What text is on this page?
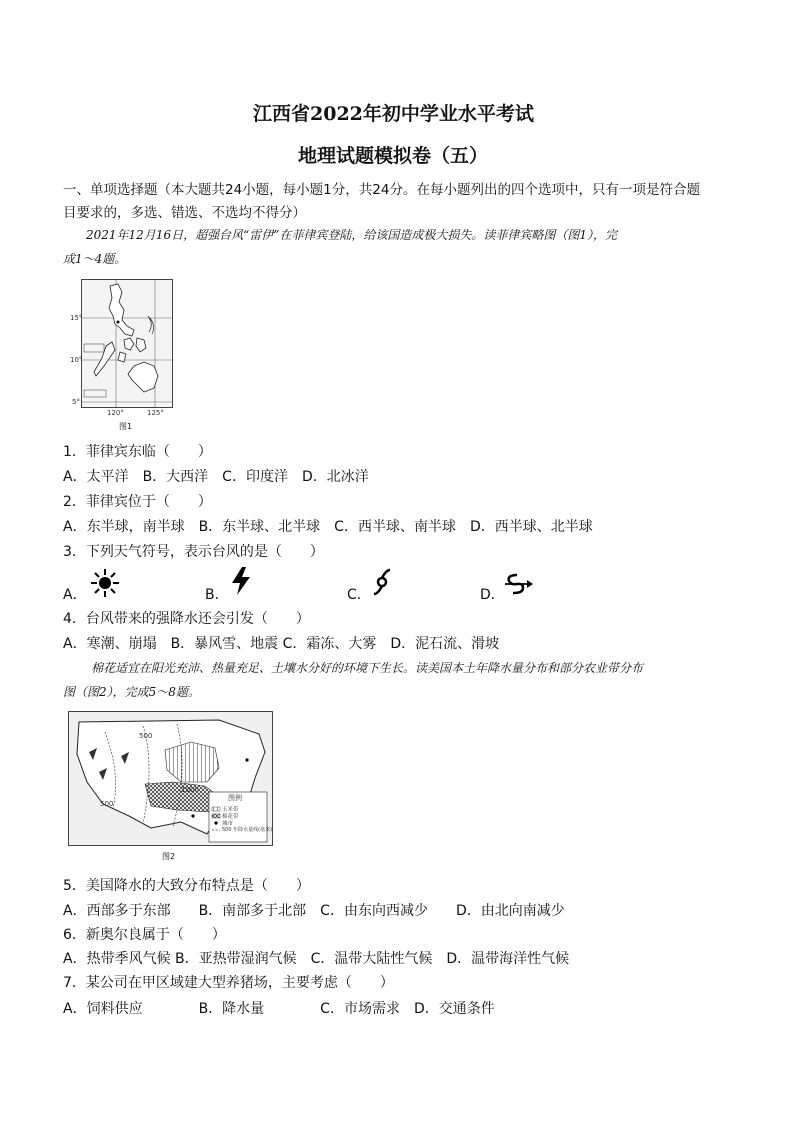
江西省2022年初中学业水平考试
地理试题模拟卷（五）
一、单项选择题（本大题共24小题，每小题1分，共24分。在每小题列出的四个选项中，只有一项是符合题
目要求的，多选、错选、不选均不得分）
2021年12月16日，超强台风“雷伊”在菲律宾登陆，给该国造成极大损失。读菲律宾略图（图1），完
成1～4题。
15°
10°
5°
120°	125°
图1
1．菲律宾东临（　　）
A．太平洋　B．大西洋　C．印度洋　D．北冰洋
2．菲律宾位于（　　）
A．东半球，南半球　B．东半球、北半球　C．西半球、南半球　D．西半球、北半球
3．下列天气符号，表示台风的是（　　）
A．	B．	C．	D．
4．台风带来的强降水还会引发（　　）
A．寒潮、崩塌　B．暴风雪、地震 C．霜冻、大雾　D．泥石流、滑坡
棉花适宜在阳光充沛、热量充足、土壤水分好的环境下生长。读美国本土年降水量分布和部分农业带分布
图（图2），完成5～8题。
500
500
1000
图例
玉米带
棉花带
城市
500 年降水量线(毫米)
图2
5．美国降水的大致分布特点是（　　）
A．西部多于东部　　B．南部多于北部　C．由东向西减少　　D．由北向南减少
6．新奥尔良属于（　　）
A．热带季风气候 B．亚热带湿润气候　C．温带大陆性气候　D．温带海洋性气候
7．某公司在甲区域建大型养猪场，主要考虑（　　）
A．饲料供应　　　　B．降水量　　　　C．市场需求　D．交通条件
